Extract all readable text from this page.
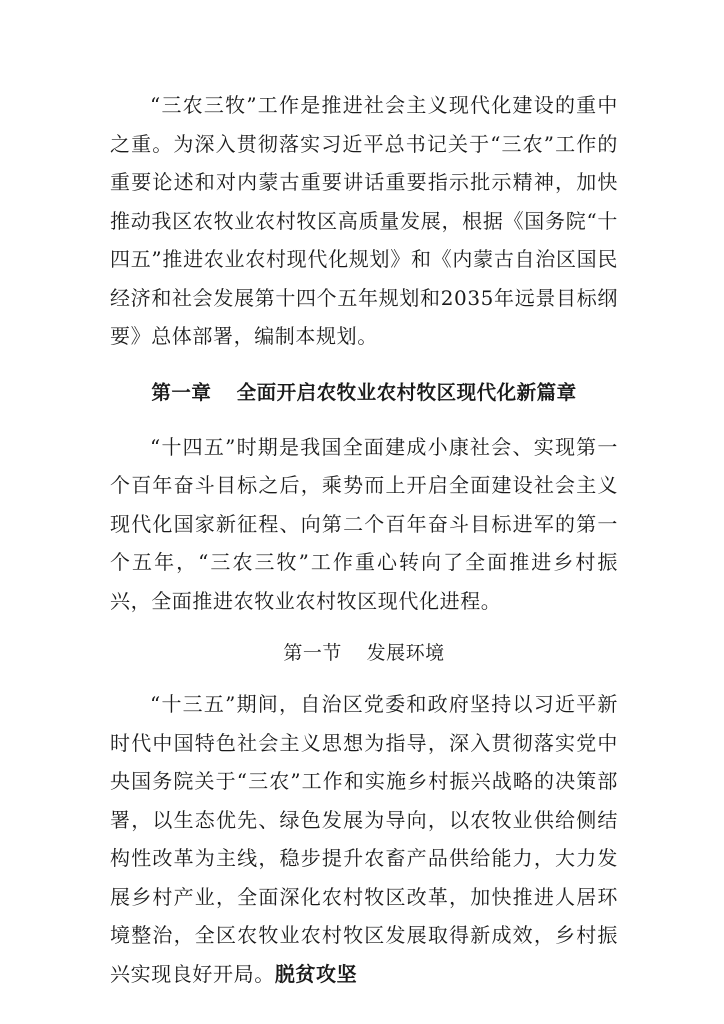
“三农三牧”工作是推进社会主义现代化建设的重中之重。为深入贯彻落实习近平总书记关于“三农”工作的重要论述和对内蒙古重要讲话重要指示批示精神，加快推动我区农牧业农村牧区高质量发展，根据《国务院“十四五”推进农业农村现代化规划》和《内蒙古自治区国民经济和社会发展第十四个五年规划和2035年远景目标纲要》总体部署，编制本规划。

第一章 全面开启农牧业农村牧区现代化新篇章

“十四五”时期是我国全面建成小康社会、实现第一个百年奋斗目标之后，乘势而上开启全面建设社会主义现代化国家新征程、向第二个百年奋斗目标进军的第一个五年，“三农三牧”工作重心转向了全面推进乡村振兴，全面推进农牧业农村牧区现代化进程。

第一节 发展环境

“十三五”期间，自治区党委和政府坚持以习近平新时代中国特色社会主义思想为指导，深入贯彻落实党中央国务院关于“三农”工作和实施乡村振兴战略的决策部署，以生态优先、绿色发展为导向，以农牧业供给侧结构性改革为主线，稳步提升农畜产品供给能力，大力发展乡村产业，全面深化农村牧区改革，加快推进人居环境整治，全区农牧业农村牧区发展取得新成效，乡村振兴实现良好开局。脱贫攻坚
